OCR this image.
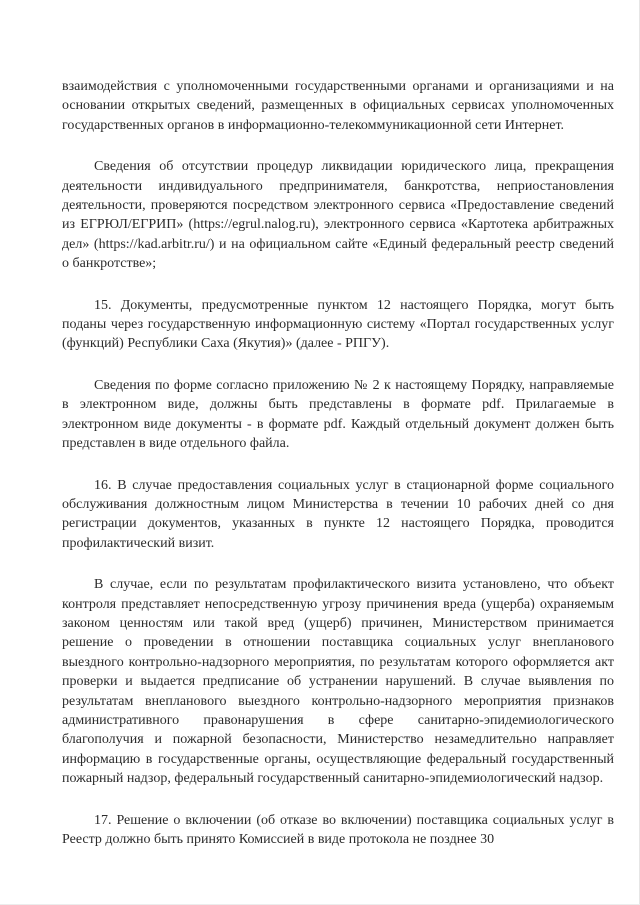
взаимодействия с уполномоченными государственными органами и организациями и на основании открытых сведений, размещенных в официальных сервисах уполномоченных государственных органов в информационно-телекоммуникационной сети Интернет.

Сведения об отсутствии процедур ликвидации юридического лица, прекращения деятельности индивидуального предпринимателя, банкротства, неприостановления деятельности, проверяются посредством электронного сервиса «Предоставление сведений из ЕГРЮЛ/ЕГРИП» (https://egrul.nalog.ru), электронного сервиса «Картотека арбитражных дел» (https://kad.arbitr.ru/) и на официальном сайте «Единый федеральный реестр сведений о банкротстве»;

15. Документы, предусмотренные пунктом 12 настоящего Порядка, могут быть поданы через государственную информационную систему «Портал государственных услуг (функций) Республики Саха (Якутия)» (далее - РПГУ).

Сведения по форме согласно приложению № 2 к настоящему Порядку, направляемые в электронном виде, должны быть представлены в формате pdf. Прилагаемые в электронном виде документы - в формате pdf. Каждый отдельный документ должен быть представлен в виде отдельного файла.

16. В случае предоставления социальных услуг в стационарной форме социального обслуживания должностным лицом Министерства в течении 10 рабочих дней со дня регистрации документов, указанных в пункте 12 настоящего Порядка, проводится профилактический визит.

В случае, если по результатам профилактического визита установлено, что объект контроля представляет непосредственную угрозу причинения вреда (ущерба) охраняемым законом ценностям или такой вред (ущерб) причинен, Министерством принимается решение о проведении в отношении поставщика социальных услуг внепланового выездного контрольно-надзорного мероприятия, по результатам которого оформляется акт проверки и выдается предписание об устранении нарушений. В случае выявления по результатам внепланового выездного контрольно-надзорного мероприятия признаков административного правонарушения в сфере санитарно-эпидемиологического благополучия и пожарной безопасности, Министерство незамедлительно направляет информацию в государственные органы, осуществляющие федеральный государственный пожарный надзор, федеральный государственный санитарно-эпидемиологический надзор.

17. Решение о включении (об отказе во включении) поставщика социальных услуг в Реестр должно быть принято Комиссией в виде протокола не позднее 30
